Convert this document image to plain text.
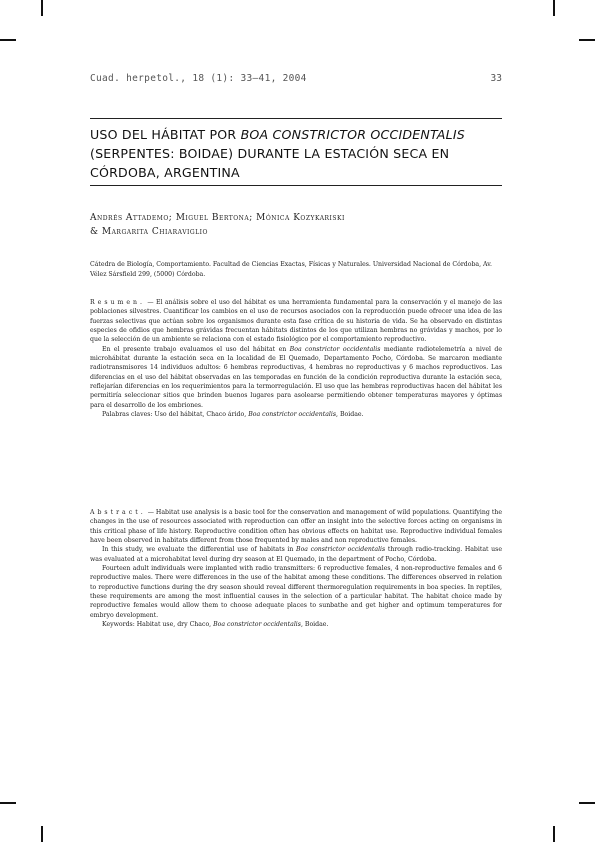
Cuad. herpetol., 18 (1): 33–41, 2004	33
USO DEL HÁBITAT POR BOA CONSTRICTOR OCCIDENTALIS
(SERPENTES: BOIDAE) DURANTE LA ESTACIÓN SECA EN
CÓRDOBA, ARGENTINA
Andrés Attademo; Miguel Bertona; Mónica Kozykariski
& Margarita Chiaraviglio
Cátedra de Biología, Comportamiento. Facultad de Ciencias Exactas, Físicas y Naturales. Universidad Nacional de Córdoba, Av. Vélez Sársfield 299, (5000) Córdoba.

Resumen. — El análisis sobre el uso del hábitat es una herramienta fundamental para la conservación y el manejo de las poblaciones silvestres. Cuantificar los cambios en el uso de recursos asociados con la reproducción puede ofrecer una idea de las fuerzas selectivas que actúan sobre los organismos durante esta fase crítica de su historia de vida. Se ha observado en distintas especies de ofidios que hembras grávidas frecuentan hábitats distintos de los que utilizan hembras no grávidas y machos, por lo que la selección de un ambiente se relaciona con el estado fisiológico por el comportamiento reproductivo.

En el presente trabajo evaluamos el uso del hábitat en Boa constrictor occidentalis mediante radiotelemetría a nivel de microhábitat durante la estación seca en la localidad de El Quemado, Departamento Pocho, Córdoba. Se marcaron mediante radiotransmisores 14 individuos adultos: 6 hembras reproductivas, 4 hembras no reproductivas y 6 machos reproductivos. Las diferencias en el uso del hábitat observadas en las temporadas en función de la condición reproductiva durante la estación seca, reflejarían diferencias en los requerimientos para la termorregulación. El uso que las hembras reproductivas hacen del hábitat les permitiría seleccionar sitios que brinden buenos lugares para asolearse permitiendo obtener temperaturas mayores y óptimas para el desarrollo de los embriones.

Palabras claves: Uso del hábitat, Chaco árido, Boa constrictor occidentalis, Boidae.

Abstract. — Habitat use analysis is a basic tool for the conservation and management of wild populations. Quantifying the changes in the use of resources associated with reproduction can offer an insight into the selective forces acting on organisms in this critical phase of life history. Reproductive condition often has obvious effects on habitat use. Reproductive individual females have been observed in habitats different from those frequented by males and non reproductive females.

In this study, we evaluate the differential use of habitats in Boa constrictor occidentalis through radio-tracking. Habitat use was evaluated at a microhabitat level during dry season at El Quemado, in the department of Pocho, Córdoba.

Fourteen adult individuals were implanted with radio transmitters: 6 reproductive females, 4 non-reproductive females and 6 reproductive males. There were differences in the use of the habitat among these conditions. The differences observed in relation to reproductive functions during the dry season should reveal different thermoregulation requirements in boa species. In reptiles, these requirements are among the most influential causes in the selection of a particular habitat. The habitat choice made by reproductive females would allow them to choose adequate places to sunbathe and get higher and optimum temperatures for embryo development.

Keywords: Habitat use, dry Chaco, Boa constrictor occidentalis, Boidae.
